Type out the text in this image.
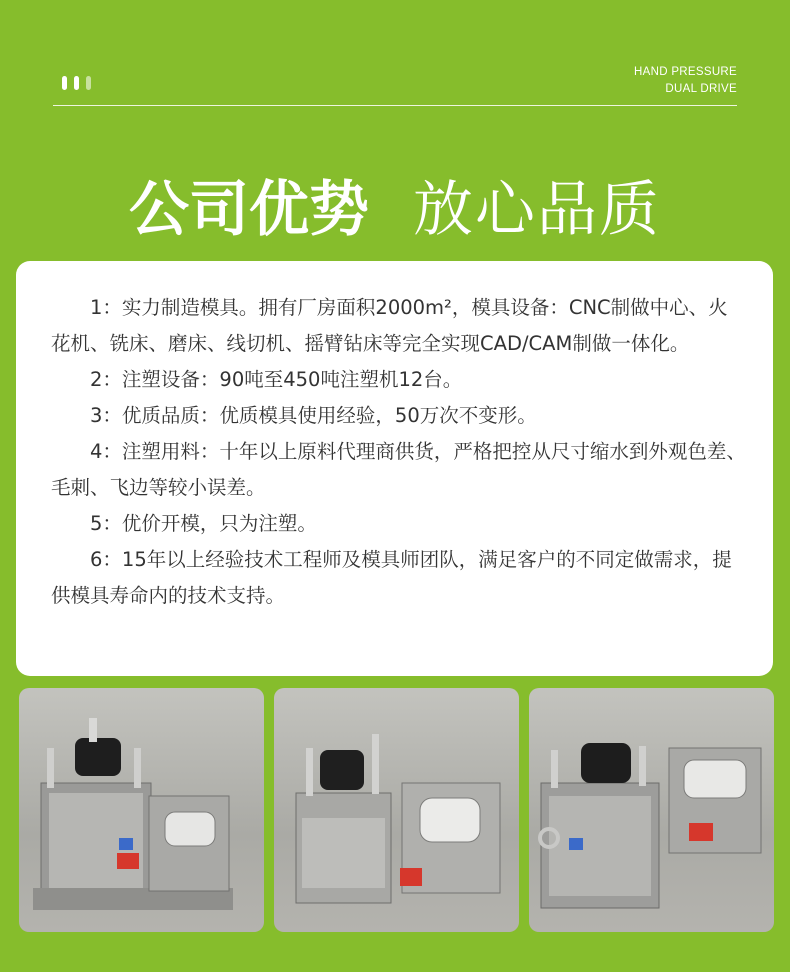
HAND PRESSURE
DUAL DRIVE
公司优势 放心品质

1：实力制造模具。拥有厂房面积2000m²，模具设备：CNC制做中心、火花机、铣床、磨床、线切机、摇臂钻床等完全实现CAD/CAM制做一体化。

2：注塑设备：90吨至450吨注塑机12台。

3：优质品质：优质模具使用经验，50万次不变形。

4：注塑用料：十年以上原料代理商供货，严格把控从尺寸缩水到外观色差、毛刺、飞边等较小误差。

5：优价开模，只为注塑。

6：15年以上经验技术工程师及模具师团队，满足客户的不同定做需求，提供模具寿命内的技术支持。
